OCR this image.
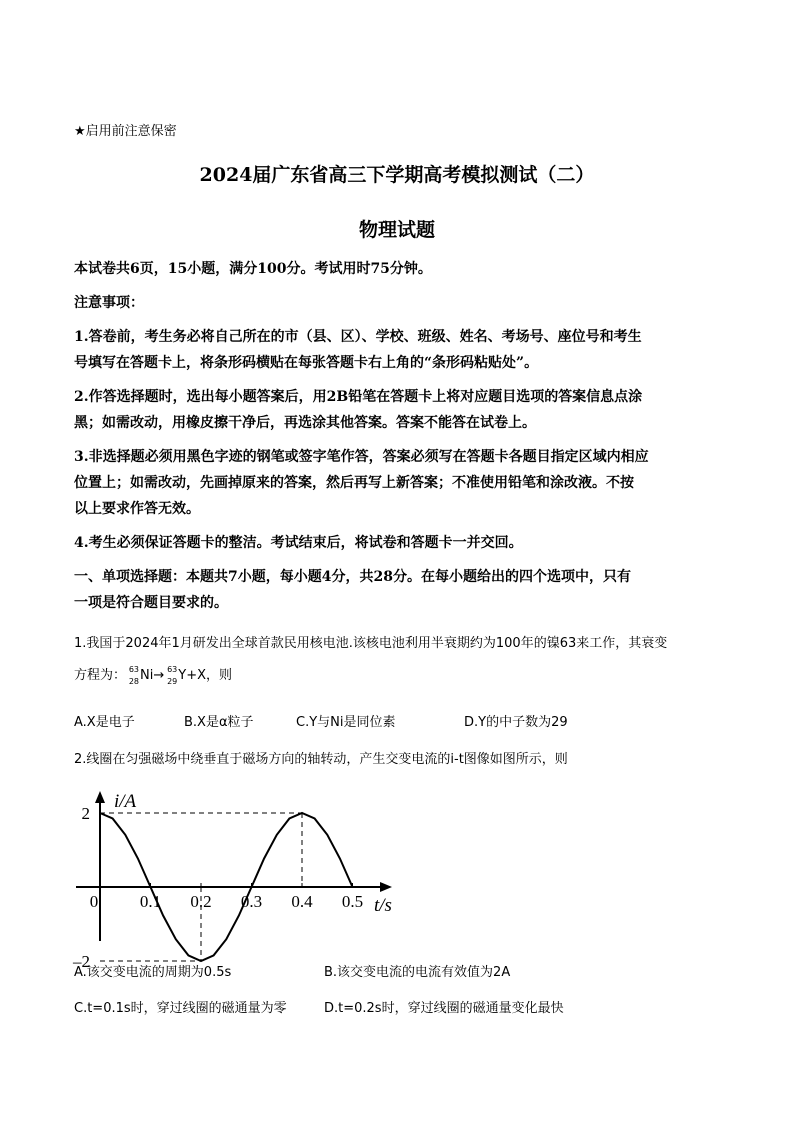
★启用前注意保密
2024届广东省高三下学期高考模拟测试（二）
物理试题
本试卷共6页，15小题，满分100分。考试用时75分钟。
注意事项：
1.答卷前，考生务必将自己所在的市（县、区）、学校、班级、姓名、考场号、座位号和考生
号填写在答题卡上，将条形码横贴在每张答题卡右上角的“条形码粘贴处”。
2.作答选择题时，选出每小题答案后，用2B铅笔在答题卡上将对应题目选项的答案信息点涂
黑；如需改动，用橡皮擦干净后，再选涂其他答案。答案不能答在试卷上。
3.非选择题必须用黑色字迹的钢笔或签字笔作答，答案必须写在答题卡各题目指定区域内相应
位置上；如需改动，先画掉原来的答案，然后再写上新答案；不准使用铅笔和涂改液。不按
以上要求作答无效。
4.考生必须保证答题卡的整洁。考试结束后，将试卷和答题卡一并交回。
一、单项选择题：本题共7小题，每小题4分，共28分。在每小题给出的四个选项中，只有
一项是符合题目要求的。
1.我国于2024年1月研发出全球首款民用核电池.该核电池利用半衰期约为100年的镍63来工作，其衰变
方程为： 63
28 Ni→ 63
29 Y+X，则
A.X是电子	B.X是α粒子	C.Y与Ni是同位素	D.Y的中子数为29
2.线圈在匀强磁场中绕垂直于磁场方向的轴转动，产生交变电流的i-t图像如图所示，则
0 0.1 0.2 0.3 0.4 0.5
2
–2
i/A
t/s
A.该交变电流的周期为0.5s	B.该交变电流的电流有效值为2A
C.t=0.1s时，穿过线圈的磁通量为零	D.t=0.2s时，穿过线圈的磁通量变化最快
